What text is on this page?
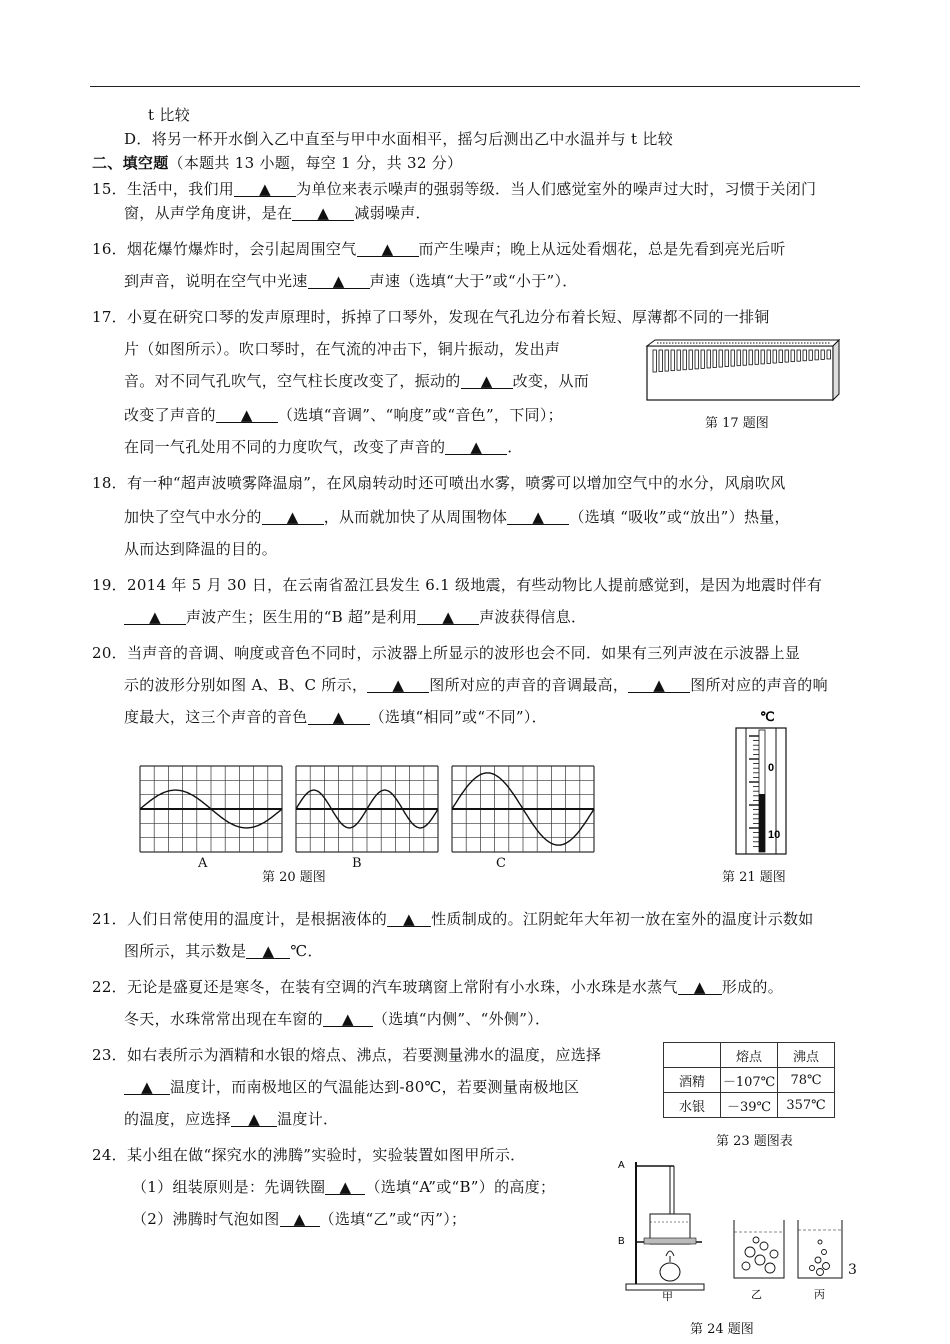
t 比较
D．将另一杯开水倒入乙中直至与甲中水面相平，摇匀后测出乙中水温并与 t 比较
二、填空题（本题共 13 小题，每空 1 分，共 32 分）
15．生活中，我们用 ▲ 为单位来表示噪声的强弱等级．当人们感觉室外的噪声过大时，习惯于关闭门
窗，从声学角度讲，是在 ▲ 减弱噪声．
16．烟花爆竹爆炸时，会引起周围空气 ▲ 而产生噪声；晚上从远处看烟花，总是先看到亮光后听
到声音，说明在空气中光速 ▲ 声速（选填“大于”或“小于”）．
17．小夏在研究口琴的发声原理时，拆掉了口琴外，发现在气孔边分布着长短、厚薄都不同的一排铜
片（如图所示）。吹口琴时，在气流的冲击下，铜片振动，发出声
音。对不同气孔吹气，空气柱长度改变了，振动的 ▲ 改变，从而
改变了声音的 ▲ （选填“音调”、“响度”或“音色”，下同）；
在同一气孔处用不同的力度吹气，改变了声音的 ▲ ．
第 17 题图
18．有一种“超声波喷雾降温扇”，在风扇转动时还可喷出水雾，喷雾可以增加空气中的水分，风扇吹风
加快了空气中水分的 ▲ ，从而就加快了从周围物体 ▲ （选填 “吸收”或“放出”）热量，
从而达到降温的目的。
19．2014 年 5 月 30 日，在云南省盈江县发生 6.1 级地震，有些动物比人提前感觉到，是因为地震时伴有
▲ 声波产生；医生用的“B 超”是利用 ▲ 声波获得信息．
20．当声音的音调、响度或音色不同时，示波器上所显示的波形也会不同．如果有三列声波在示波器上显
示的波形分别如图 A、B、C 所示， ▲ 图所对应的声音的音调最高， ▲ 图所对应的声音的响
度最大，这三个声音的音色 ▲ （选填“相同”或“不同”）．
A	B	C
第 20 题图
℃
0
10
第 21 题图
21．人们日常使用的温度计，是根据液体的 ▲ 性质制成的。江阴蛇年大年初一放在室外的温度计示数如
图所示，其示数是 ▲ ℃．
22．无论是盛夏还是寒冬，在装有空调的汽车玻璃窗上常附有小水珠，小水珠是水蒸气 ▲ 形成的。
冬天，水珠常常出现在车窗的 ▲ （选填“内侧”、“外侧”）．
23．如右表所示为酒精和水银的熔点、沸点，若要测量沸水的温度，应选择
▲ 温度计，而南极地区的气温能达到-80℃，若要测量南极地区
的温度，应选择 ▲ 温度计．
	熔点	沸点
酒精	－107℃	78℃
水银	－39℃	357℃
第 23 题图表
24．某小组在做“探究水的沸腾”实验时，实验装置如图甲所示．
（1）组装原则是：先调铁圈 ▲ （选填“A”或“B”）的高度；
（2）沸腾时气泡如图 ▲ （选填“乙”或“丙”）；
A
B
甲	乙	丙
3
第 24 题图
